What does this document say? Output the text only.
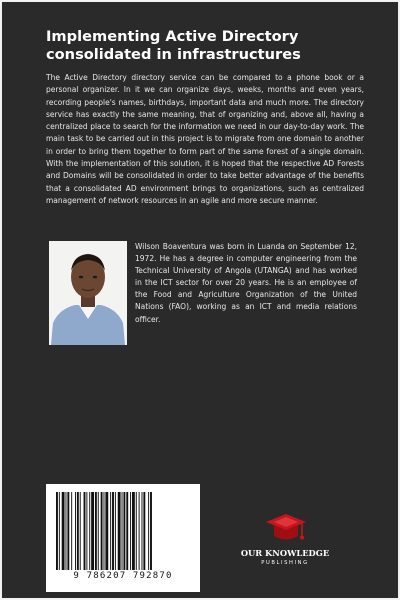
Implementing Active Directory consolidated in infrastructures

The Active Directory directory service can be compared to a phone book or a personal organizer. In it we can organize days, weeks, months and even years, recording people's names, birthdays, important data and much more. The directory service has exactly the same meaning, that of organizing and, above all, having a centralized place to search for the information we need in our day-to-day work. The main task to be carried out in this project is to migrate from one domain to another in order to bring them together to form part of the same forest of a single domain. With the implementation of this solution, it is hoped that the respective AD Forests and Domains will be consolidated in order to take better advantage of the benefits that a consolidated AD environment brings to organizations, such as centralized management of network resources in an agile and more secure manner.

Wilson Boaventura was born in Luanda on September 12, 1972. He has a degree in computer engineering from the Technical University of Angola (UTANGA) and has worked in the ICT sector for over 20 years. He is an employee of the Food and Agriculture Organization of the United Nations (FAO), working as an ICT and media relations officer.

9 786207 792870
OUR KNOWLEDGE
PUBLISHING
